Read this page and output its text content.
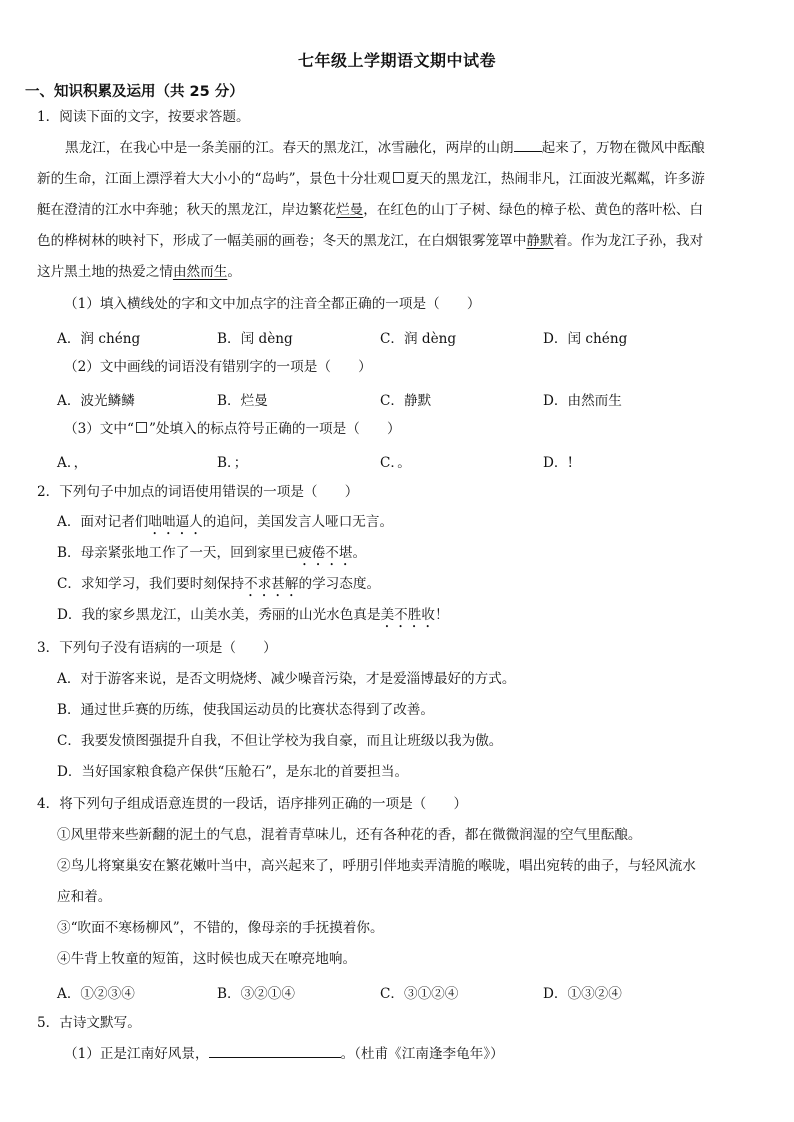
七年级上学期语文期中试卷
一、知识积累及运用（共 25 分）
1．阅读下面的文字，按要求答题。
黑龙江，在我心中是一条美丽的江。春天的黑龙江，冰雪融化，两岸的山朗 起来了，万物在微风中酝酿
新的生命，江面上漂浮着大大小小的“岛屿”，景色十分壮观 夏天的黑龙江，热闹非凡，江面波光粼粼，许多游
艇在澄清的江水中奔驰；秋天的黑龙江，岸边繁花烂曼，在红色的山丁子树、绿色的樟子松、黄色的落叶松、白
色的桦树林的映衬下，形成了一幅美丽的画卷；冬天的黑龙江，在白烟银雾笼罩中静默着。作为龙江子孙，我对
这片黑土地的热爱之情由然而生。
（1）填入横线处的字和文中加点字的注音全都正确的一项是（　　）
A．润 chéng	B．闰 dèng	C．润 dèng	D．闰 chéng
（2）文中画线的词语没有错别字的一项是（　　）
A．波光鳞鳞	B．烂曼	C．静默	D．由然而生
（3）文中“ ”处填入的标点符号正确的一项是（　　）
A．，	B．；	C．。	D．!
2．下列句子中加点的词语使用错误的一项是（　　）
A．面对记者们咄咄逼人的追问，美国发言人哑口无言。
B．母亲紧张地工作了一天，回到家里已疲倦不堪。
C．求知学习，我们要时刻保持不求甚解的学习态度。
D．我的家乡黑龙江，山美水美，秀丽的山光水色真是美不胜收！
3．下列句子没有语病的一项是（　　）
A．对于游客来说，是否文明烧烤、减少噪音污染，才是爱淄博最好的方式。
B．通过世乒赛的历练，使我国运动员的比赛状态得到了改善。
C．我要发愤图强提升自我，不但让学校为我自豪，而且让班级以我为傲。
D．当好国家粮食稳产保供“压舱石”，是东北的首要担当。
4．将下列句子组成语意连贯的一段话，语序排列正确的一项是（　　）
①风里带来些新翻的泥土的气息，混着青草味儿，还有各种花的香，都在微微润湿的空气里酝酿。
②鸟儿将窠巢安在繁花嫩叶当中，高兴起来了，呼朋引伴地卖弄清脆的喉咙，唱出宛转的曲子，与轻风流水
应和着。
③“吹面不寒杨柳风”，不错的，像母亲的手抚摸着你。
④牛背上牧童的短笛，这时候也成天在嘹亮地响。
A．①②③④	B．③②①④	C．③①②④	D．①③②④
5．古诗文默写。
（1）正是江南好风景，	。（杜甫《江南逢李龟年》）
